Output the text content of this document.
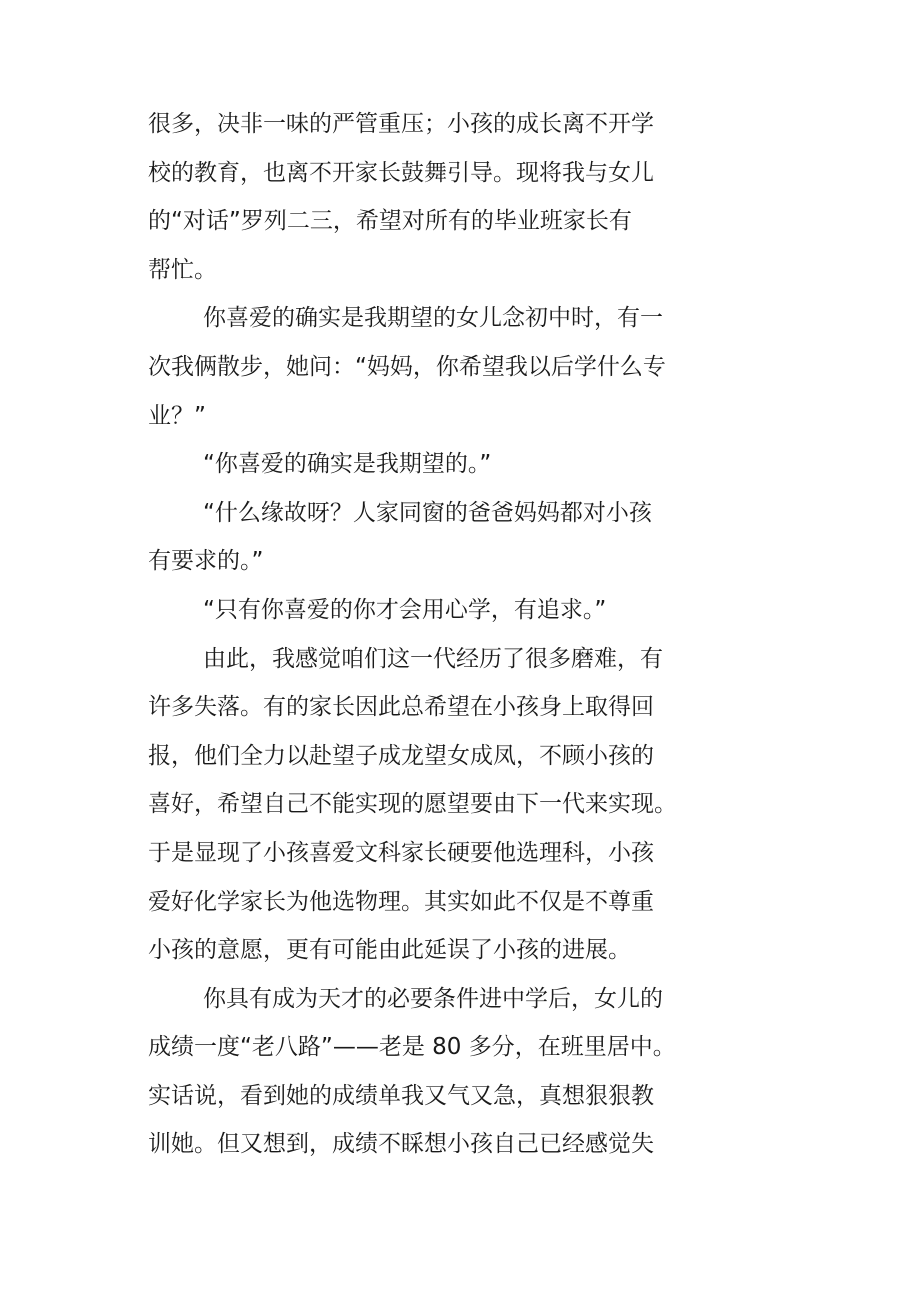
很多，决非一味的严管重压；小孩的成长离不开学
校的教育，也离不开家长鼓舞引导。现将我与女儿
的“对话”罗列二三，希望对所有的毕业班家长有
帮忙。
你喜爱的确实是我期望的女儿念初中时，有一
次我俩散步，她问：“妈妈，你希望我以后学什么专
业？”
“你喜爱的确实是我期望的。”
“什么缘故呀？人家同窗的爸爸妈妈都对小孩
有要求的。”
“只有你喜爱的你才会用心学，有追求。”
由此，我感觉咱们这一代经历了很多磨难，有
许多失落。有的家长因此总希望在小孩身上取得回
报，他们全力以赴望子成龙望女成凤，不顾小孩的
喜好，希望自己不能实现的愿望要由下一代来实现。
于是显现了小孩喜爱文科家长硬要他选理科，小孩
爱好化学家长为他选物理。其实如此不仅是不尊重
小孩的意愿，更有可能由此延误了小孩的进展。
你具有成为天才的必要条件进中学后，女儿的
成绩一度“老八路”——老是 80 多分，在班里居中。
实话说，看到她的成绩单我又气又急，真想狠狠教
训她。但又想到，成绩不睬想小孩自己已经感觉失
